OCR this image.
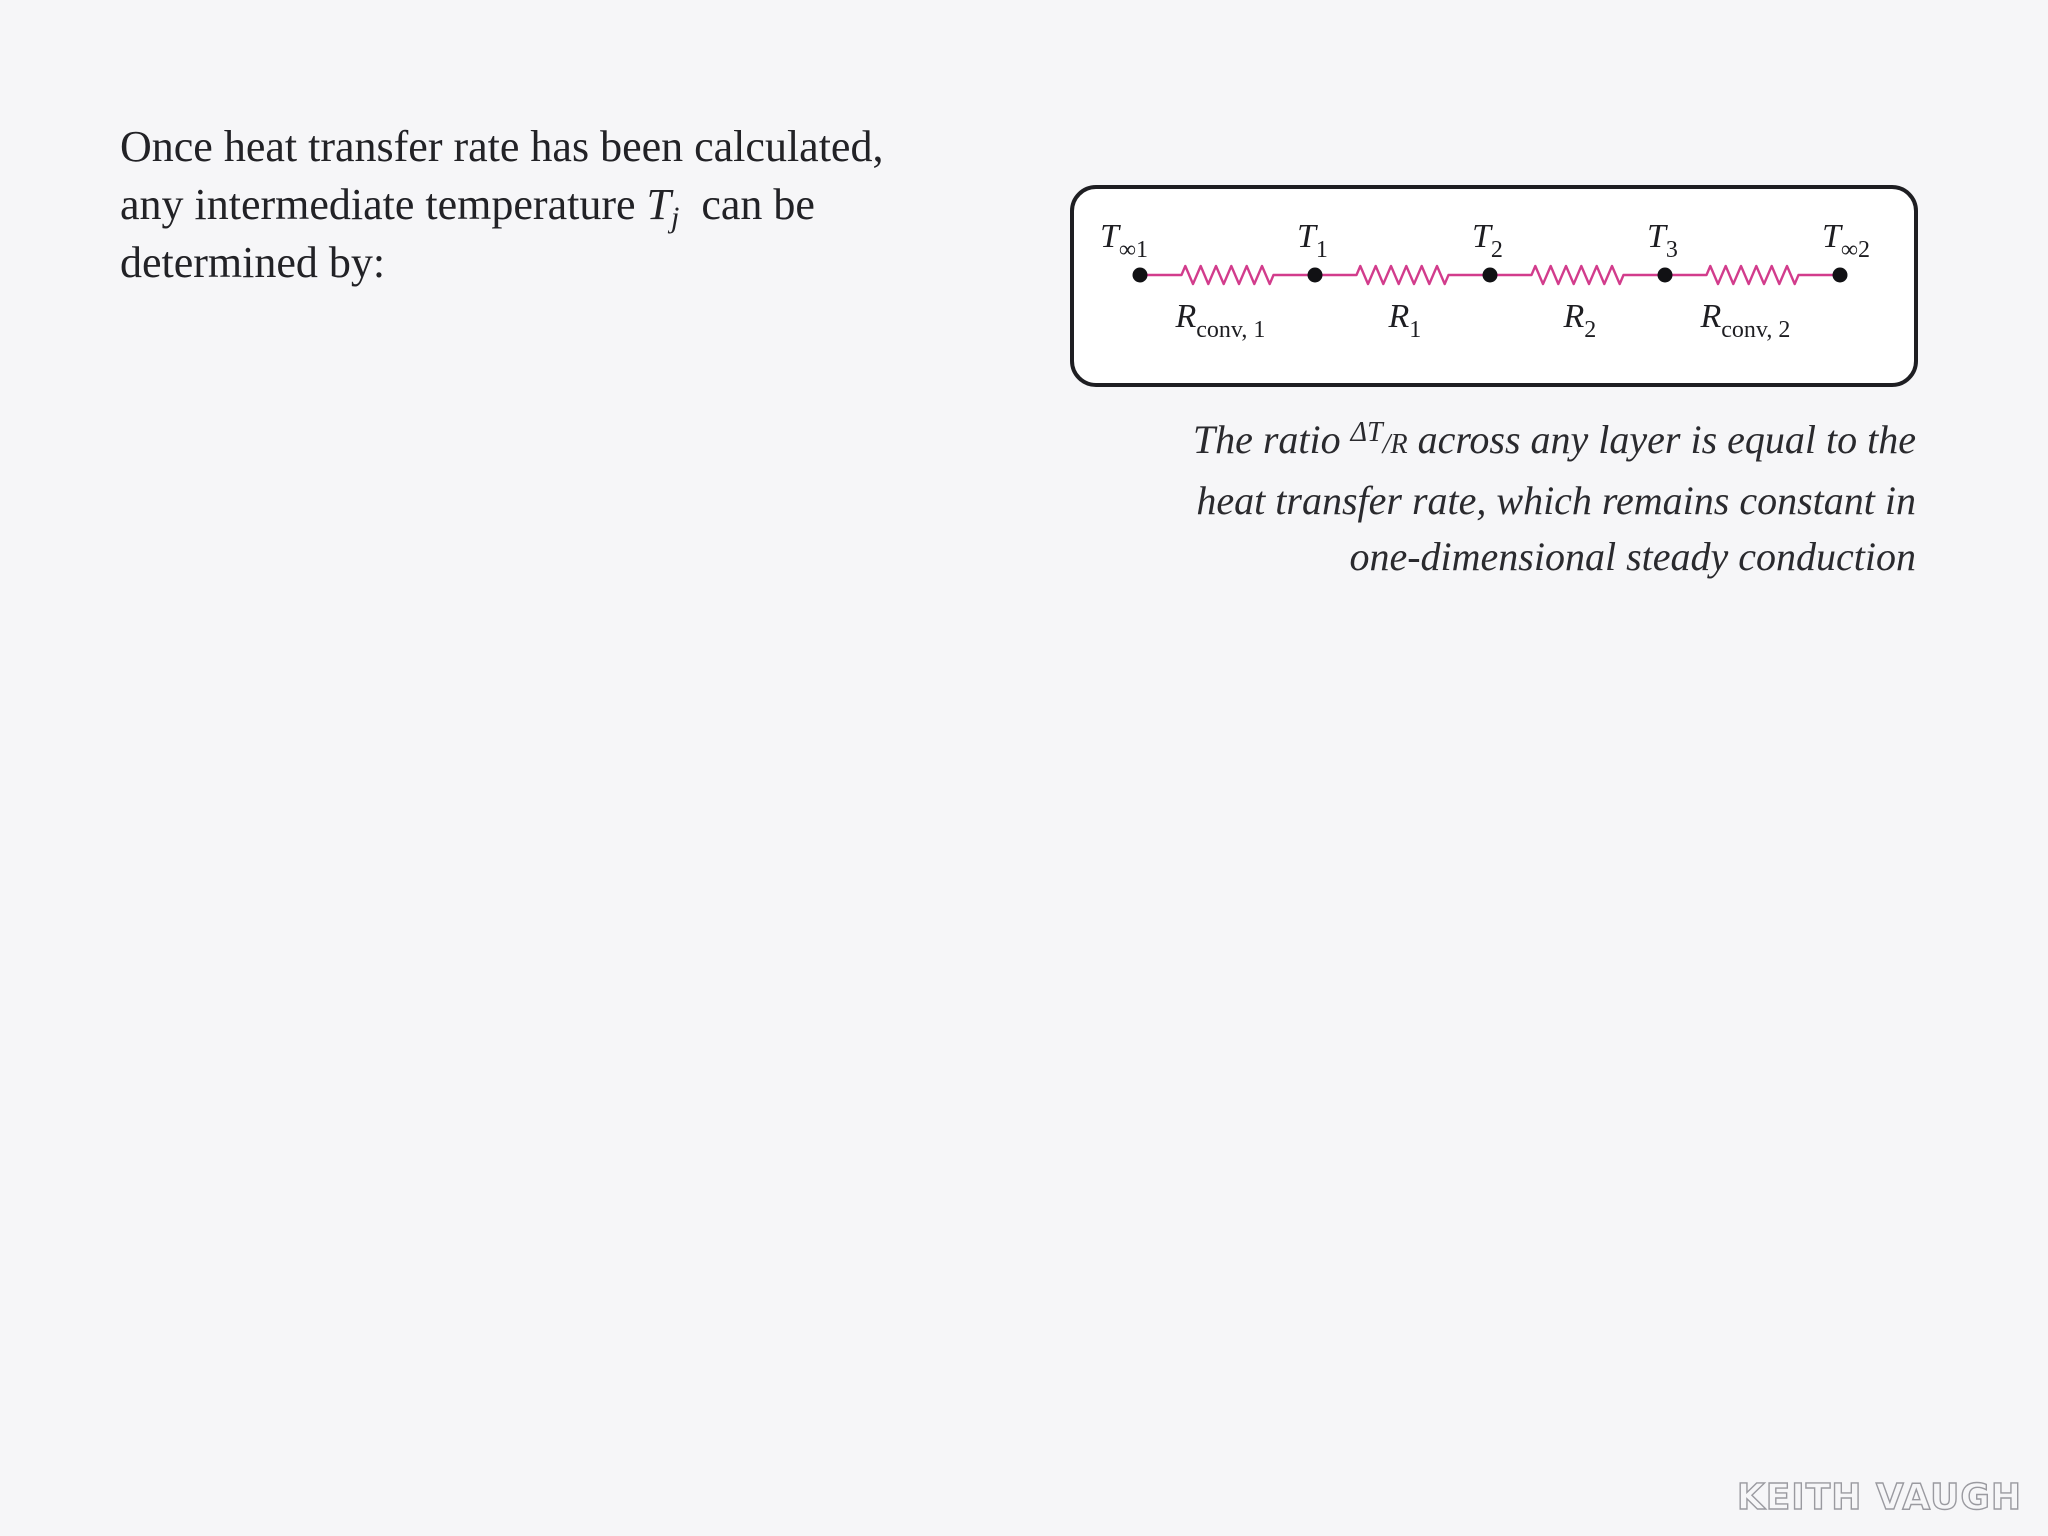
Once heat transfer rate has been calculated,
any intermediate temperature $T_j$ can be
determined by:

$R_{conv, 1}$	$R_1$	$R_2$	$R_{conv, 2}$
$T_{\infty 1}$	$T_1$	$T_2$	$T_3$	$T_{\infty 2}$

The ratio ΔT/R across any layer is equal to the
heat transfer rate, which remains constant in
one-dimensional steady conduction

KEITH VAUGH
